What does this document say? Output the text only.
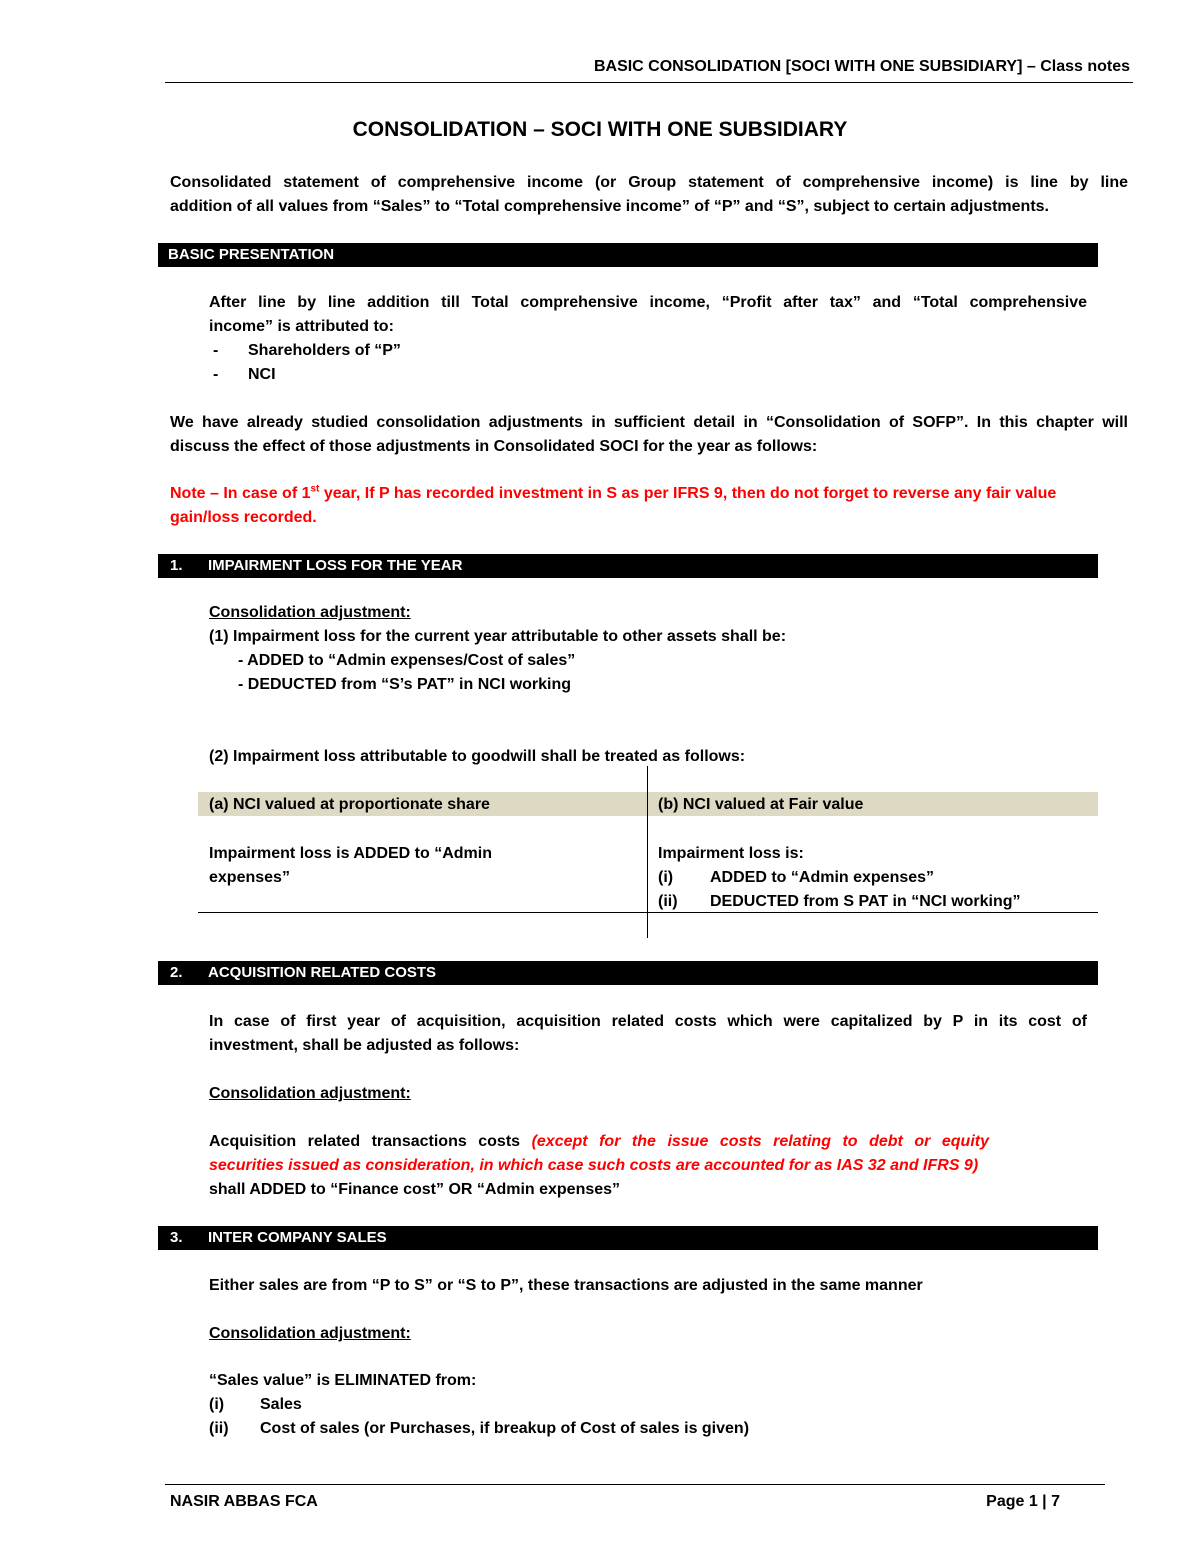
BASIC CONSOLIDATION [SOCI WITH ONE SUBSIDIARY] – Class notes
CONSOLIDATION – SOCI WITH ONE SUBSIDIARY
Consolidated statement of comprehensive income (or Group statement of comprehensive income) is line by line
addition of all values from “Sales” to “Total comprehensive income” of “P” and “S”, subject to certain adjustments.
BASIC PRESENTATION
After line by line addition till Total comprehensive income, “Profit after tax” and “Total comprehensive
income” is attributed to:
- Shareholders of “P”
- NCI
We have already studied consolidation adjustments in sufficient detail in “Consolidation of SOFP”. In this chapter will
discuss the effect of those adjustments in Consolidated SOCI for the year as follows:
Note – In case of 1st year, If P has recorded investment in S as per IFRS 9, then do not forget to reverse any fair value
gain/loss recorded.
1. IMPAIRMENT LOSS FOR THE YEAR
Consolidation adjustment:
(1) Impairment loss for the current year attributable to other assets shall be:
- ADDED to “Admin expenses/Cost of sales”
- DEDUCTED from “S’s PAT” in NCI working
(2) Impairment loss attributable to goodwill shall be treated as follows:
(a) NCI valued at proportionate share	(b) NCI valued at Fair value
Impairment loss is ADDED to “Admin
expenses”
Impairment loss is:
(i) ADDED to “Admin expenses”
(ii) DEDUCTED from S PAT in “NCI working”
2. ACQUISITION RELATED COSTS
In case of first year of acquisition, acquisition related costs which were capitalized by P in its cost of
investment, shall be adjusted as follows:
Consolidation adjustment:
Acquisition related transactions costs (except for the issue costs relating to debt or equity
securities issued as consideration, in which case such costs are accounted for as IAS 32 and IFRS 9)
shall ADDED to “Finance cost” OR “Admin expenses”
3. INTER COMPANY SALES
Either sales are from “P to S” or “S to P”, these transactions are adjusted in the same manner
Consolidation adjustment:
“Sales value” is ELIMINATED from:
(i) Sales
(ii) Cost of sales (or Purchases, if breakup of Cost of sales is given)
NASIR ABBAS FCA	Page 1 | 7
